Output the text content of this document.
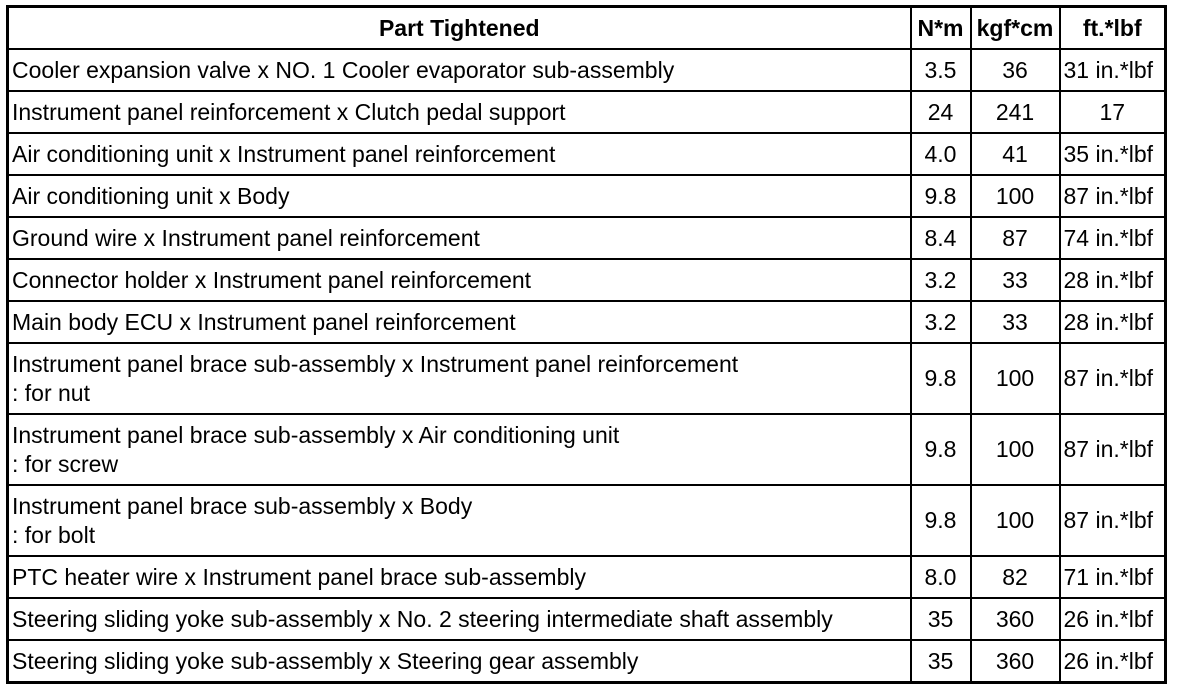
Part Tightened	N*m	kgf*cm	ft.*lbf

Cooler expansion valve x NO. 1 Cooler evaporator sub-assembly	3.5	36	31 in.*lbf

Instrument panel reinforcement x Clutch pedal support	24	241	17

Air conditioning unit x Instrument panel reinforcement	4.0	41	35 in.*lbf

Air conditioning unit x Body	9.8	100	87 in.*lbf

Ground wire x Instrument panel reinforcement	8.4	87	74 in.*lbf

Connector holder x Instrument panel reinforcement	3.2	33	28 in.*lbf

Main body ECU x Instrument panel reinforcement	3.2	33	28 in.*lbf

Instrument panel brace sub-assembly x Instrument panel reinforcement
: for nut	9.8	100	87 in.*lbf

Instrument panel brace sub-assembly x Air conditioning unit
: for screw	9.8	100	87 in.*lbf

Instrument panel brace sub-assembly x Body
: for bolt	9.8	100	87 in.*lbf

PTC heater wire x Instrument panel brace sub-assembly	8.0	82	71 in.*lbf

Steering sliding yoke sub-assembly x No. 2 steering intermediate shaft assembly	35	360	26 in.*lbf

Steering sliding yoke sub-assembly x Steering gear assembly	35	360	26 in.*lbf
